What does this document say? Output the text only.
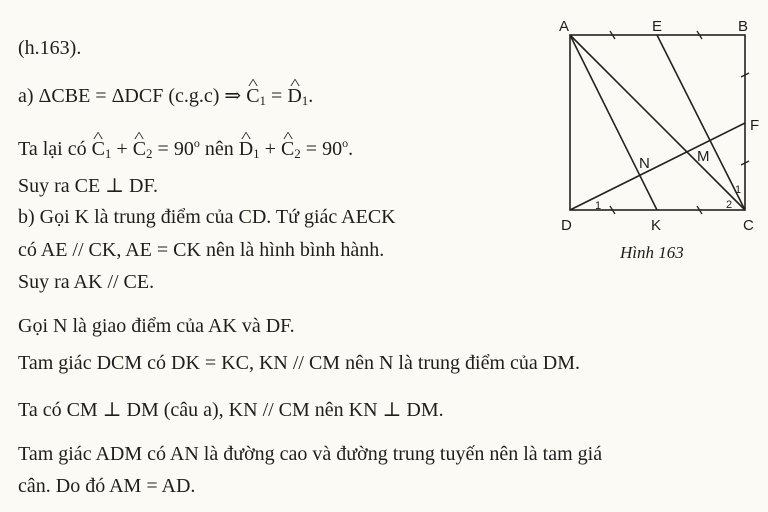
(h.163).
a) ΔCBE = ΔDCF (c.g.c) ⇒ ^ $C_1$ = ^ $D_1$.
Ta lại có ^ $C_1$ + ^ $C_2 = 90^o$ nên ^ $D_1$ + ^ $C_2 = 90^o$.
Suy ra CE ⊥ DF.
b) Gọi K là trung điểm của CD. Tứ giác AECK
có AE // CK, AE = CK nên là hình bình hành.
Suy ra AK // CE.
Gọi N là giao điểm của AK và DF.
Tam giác DCM có DK = KC, KN // CM nên N là trung điểm của DM.
Ta có CM ⊥ DM (câu a), KN // CM nên KN ⊥ DM.
Tam giác ADM có AN là đường cao và đường trung tuyến nên là tam giá
cân. Do đó AM = AD.
A	E	B
F
M
N
D	K	C
1
1
2
Hình 163
